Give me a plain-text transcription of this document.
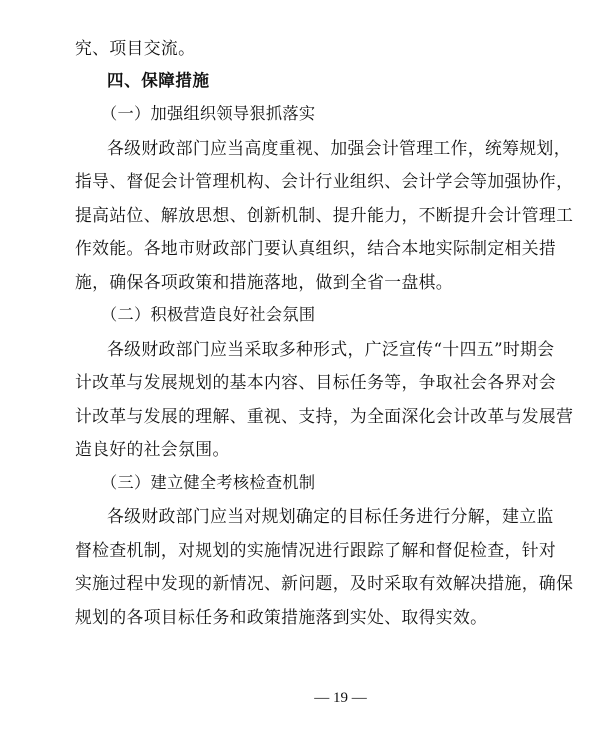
究、项目交流。
四、保障措施
（一）加强组织领导狠抓落实
各级财政部门应当高度重视、加强会计管理工作，统筹规划，
指导、督促会计管理机构、会计行业组织、会计学会等加强协作，
提高站位、解放思想、创新机制、提升能力，不断提升会计管理工
作效能。各地市财政部门要认真组织，结合本地实际制定相关措
施，确保各项政策和措施落地，做到全省一盘棋。
（二）积极营造良好社会氛围
各级财政部门应当采取多种形式，广泛宣传“十四五”时期会
计改革与发展规划的基本内容、目标任务等，争取社会各界对会
计改革与发展的理解、重视、支持，为全面深化会计改革与发展营
造良好的社会氛围。
（三）建立健全考核检查机制
各级财政部门应当对规划确定的目标任务进行分解，建立监
督检查机制，对规划的实施情况进行跟踪了解和督促检查，针对
实施过程中发现的新情况、新问题，及时采取有效解决措施，确保
规划的各项目标任务和政策措施落到实处、取得实效。
— 19 —
